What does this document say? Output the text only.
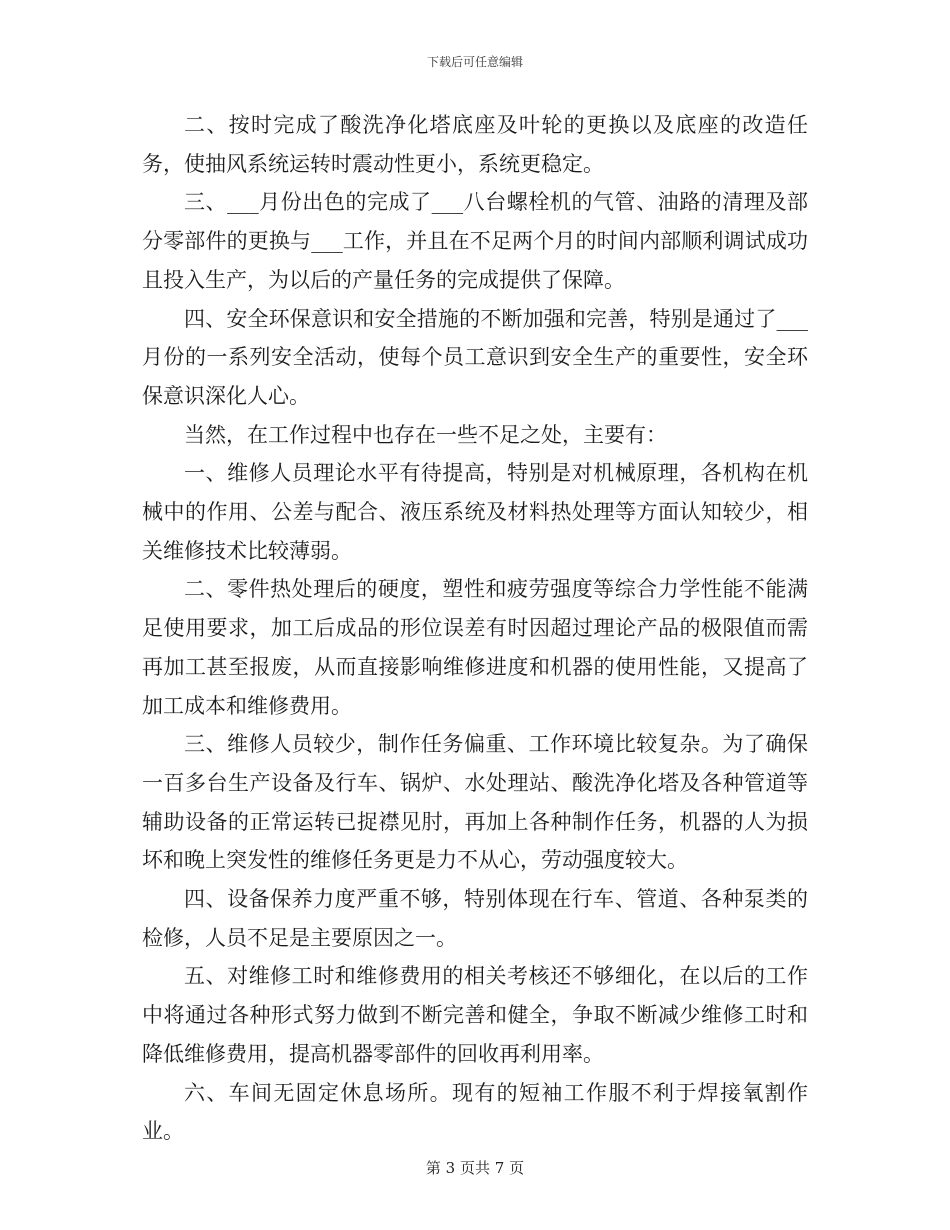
下载后可任意编辑

二、按时完成了酸洗净化塔底座及叶轮的更换以及底座的改造任务，使抽风系统运转时震动性更小，系统更稳定。

三、___月份出色的完成了___八台螺栓机的气管、油路的清理及部分零部件的更换与___工作，并且在不足两个月的时间内部顺利调试成功且投入生产，为以后的产量任务的完成提供了保障。

四、安全环保意识和安全措施的不断加强和完善，特别是通过了___月份的一系列安全活动，使每个员工意识到安全生产的重要性，安全环保意识深化人心。

当然，在工作过程中也存在一些不足之处，主要有：

一、维修人员理论水平有待提高，特别是对机械原理，各机构在机械中的作用、公差与配合、液压系统及材料热处理等方面认知较少，相关维修技术比较薄弱。

二、零件热处理后的硬度，塑性和疲劳强度等综合力学性能不能满足使用要求，加工后成品的形位误差有时因超过理论产品的极限值而需再加工甚至报废，从而直接影响维修进度和机器的使用性能，又提高了加工成本和维修费用。

三、维修人员较少，制作任务偏重、工作环境比较复杂。为了确保一百多台生产设备及行车、锅炉、水处理站、酸洗净化塔及各种管道等辅助设备的正常运转已捉襟见肘，再加上各种制作任务，机器的人为损坏和晚上突发性的维修任务更是力不从心，劳动强度较大。

四、设备保养力度严重不够，特别体现在行车、管道、各种泵类的检修，人员不足是主要原因之一。

五、对维修工时和维修费用的相关考核还不够细化，在以后的工作中将通过各种形式努力做到不断完善和健全，争取不断减少维修工时和降低维修费用，提高机器零部件的回收再利用率。

六、车间无固定休息场所。现有的短袖工作服不利于焊接氧割作业。

第 3 页共 7 页
